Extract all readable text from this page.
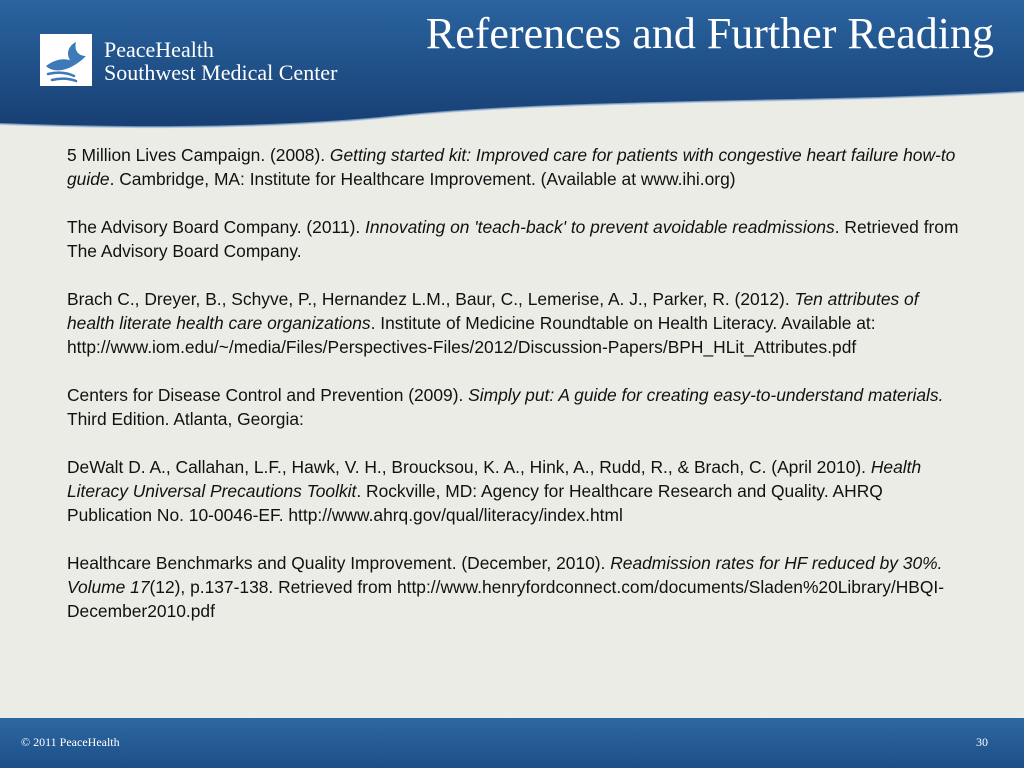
PeaceHealth
Southwest Medical Center
References and Further Reading

5 Million Lives Campaign. (2008). Getting started kit: Improved care for patients with congestive heart failure how-to guide. Cambridge, MA: Institute for Healthcare Improvement. (Available at www.ihi.org)

The Advisory Board Company. (2011). Innovating on 'teach-back' to prevent avoidable readmissions. Retrieved from The Advisory Board Company.

Brach C., Dreyer, B., Schyve, P., Hernandez L.M., Baur, C., Lemerise, A. J., Parker, R. (2012). Ten attributes of health literate health care organizations. Institute of Medicine Roundtable on Health Literacy. Available at: http://www.iom.edu/~/media/Files/Perspectives-Files/2012/Discussion-Papers/BPH_HLit_Attributes.pdf

Centers for Disease Control and Prevention (2009). Simply put: A guide for creating easy-to-understand materials. Third Edition. Atlanta, Georgia:

DeWalt D. A., Callahan, L.F., Hawk, V. H., Broucksou, K. A., Hink, A., Rudd, R., & Brach, C. (April 2010). Health Literacy Universal Precautions Toolkit. Rockville, MD: Agency for Healthcare Research and Quality. AHRQ Publication No. 10-0046-EF. http://www.ahrq.gov/qual/literacy/index.html

Healthcare Benchmarks and Quality Improvement. (December, 2010). Readmission rates for HF reduced by 30%. Volume 17(12), p.137-138. Retrieved from http://www.henryfordconnect.com/documents/Sladen%20Library/HBQI-December2010.pdf

© 2011 PeaceHealth	30
